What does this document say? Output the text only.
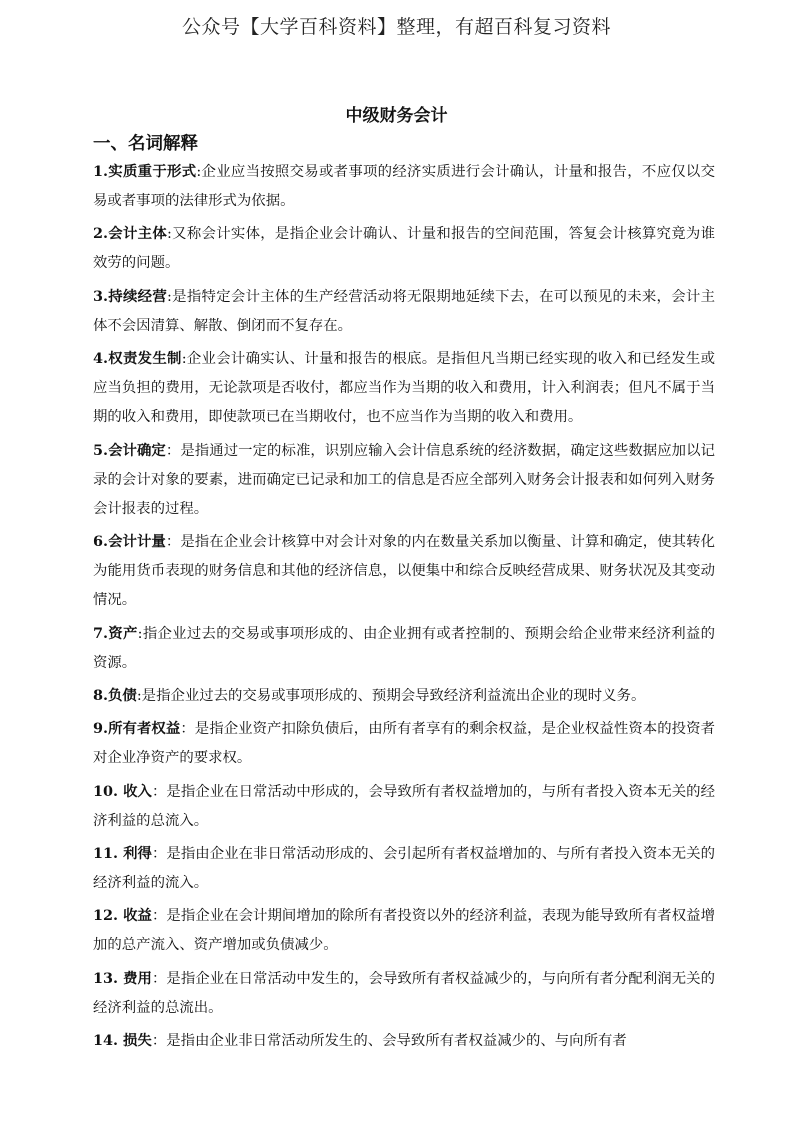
公众号【大学百科资料】整理，有超百科复习资料
中级财务会计
一、名词解释
1.实质重于形式:企业应当按照交易或者事项的经济实质进行会计确认，计量和报告，不应仅以交易或者事项的法律形式为依据。
2.会计主体:又称会计实体，是指企业会计确认、计量和报告的空间范围，答复会计核算究竟为谁效劳的问题。
3.持续经营:是指特定会计主体的生产经营活动将无限期地延续下去，在可以预见的未来，会计主体不会因清算、解散、倒闭而不复存在。
4.权责发生制:企业会计确实认、计量和报告的根底。是指但凡当期已经实现的收入和已经发生或应当负担的费用，无论款项是否收付，都应当作为当期的收入和费用，计入利润表；但凡不属于当期的收入和费用，即使款项已在当期收付，也不应当作为当期的收入和费用。
5.会计确定：是指通过一定的标准，识别应输入会计信息系统的经济数据，确定这些数据应加以记录的会计对象的要素，进而确定已记录和加工的信息是否应全部列入财务会计报表和如何列入财务会计报表的过程。
6.会计计量：是指在企业会计核算中对会计对象的内在数量关系加以衡量、计算和确定，使其转化为能用货币表现的财务信息和其他的经济信息，以便集中和综合反映经营成果、财务状况及其变动情况。
7.资产:指企业过去的交易或事项形成的、由企业拥有或者控制的、预期会给企业带来经济利益的资源。
8.负债:是指企业过去的交易或事项形成的、预期会导致经济利益流出企业的现时义务。
9.所有者权益：是指企业资产扣除负债后，由所有者享有的剩余权益，是企业权益性资本的投资者对企业净资产的要求权。
10. 收入：是指企业在日常活动中形成的，会导致所有者权益增加的，与所有者投入资本无关的经济利益的总流入。
11. 利得：是指由企业在非日常活动形成的、会引起所有者权益增加的、与所有者投入资本无关的经济利益的流入。
12. 收益：是指企业在会计期间增加的除所有者投资以外的经济利益，表现为能导致所有者权益增加的总产流入、资产增加或负债减少。
13. 费用：是指企业在日常活动中发生的，会导致所有者权益减少的，与向所有者分配利润无关的经济利益的总流出。
14. 损失：是指由企业非日常活动所发生的、会导致所有者权益减少的、与向所有者
